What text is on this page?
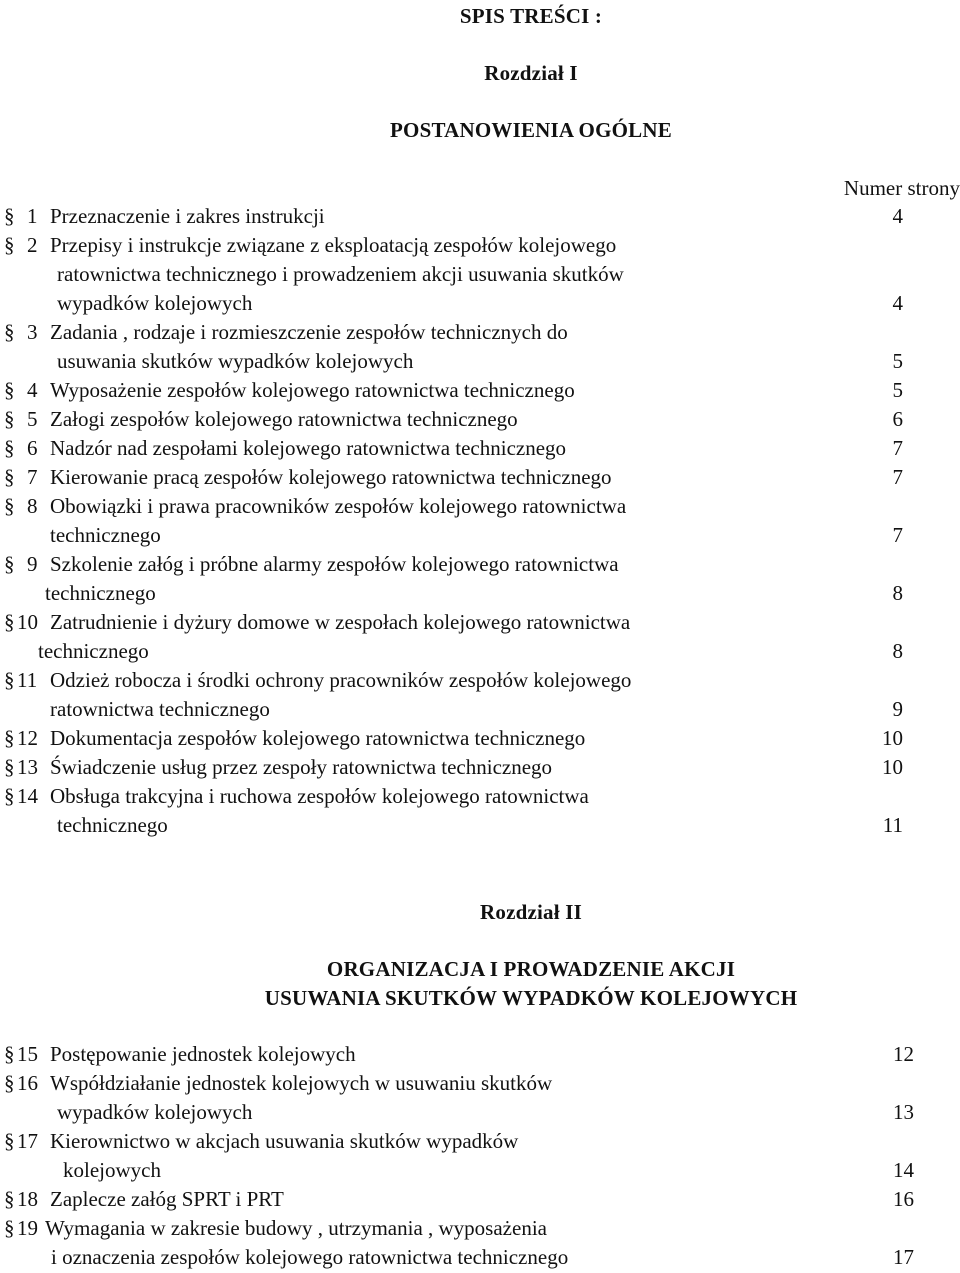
SPIS TREŚCI :
Rozdział I
POSTANOWIENIA OGÓLNE
Numer strony
§ 1 Przeznaczenie i zakres instrukcji	4
§ 2 Przepisy i instrukcje związane z eksploatacją zespołów kolejowego
ratownictwa technicznego i prowadzeniem akcji usuwania skutków
wypadków kolejowych	4
§ 3 Zadania , rodzaje i rozmieszczenie zespołów technicznych do
usuwania skutków wypadków kolejowych	5
§ 4 Wyposażenie zespołów kolejowego ratownictwa technicznego	5
§ 5 Załogi zespołów kolejowego ratownictwa technicznego	6
§ 6 Nadzór nad zespołami kolejowego ratownictwa technicznego	7
§ 7 Kierowanie pracą zespołów kolejowego ratownictwa technicznego	7
§ 8 Obowiązki i prawa pracowników zespołów kolejowego ratownictwa
technicznego	7
§ 9 Szkolenie załóg i próbne alarmy zespołów kolejowego ratownictwa
technicznego	8
§ 10 Zatrudnienie i dyżury domowe w zespołach kolejowego ratownictwa
technicznego	8
§ 11 Odzież robocza i środki ochrony pracowników zespołów kolejowego
ratownictwa technicznego	9
§ 12 Dokumentacja zespołów kolejowego ratownictwa technicznego	10
§ 13 Świadczenie usług przez zespoły ratownictwa technicznego	10
§ 14 Obsługa trakcyjna i ruchowa zespołów kolejowego ratownictwa
technicznego	11
Rozdział II
ORGANIZACJA I PROWADZENIE AKCJI
USUWANIA SKUTKÓW WYPADKÓW KOLEJOWYCH
§ 15 Postępowanie jednostek kolejowych	12
§ 16 Współdziałanie jednostek kolejowych w usuwaniu skutków
wypadków kolejowych	13
§ 17 Kierownictwo w akcjach usuwania skutków wypadków
kolejowych	14
§ 18 Zaplecze załóg SPRT i PRT	16
§ 19 Wymagania w zakresie budowy , utrzymania , wyposażenia
i oznaczenia zespołów kolejowego ratownictwa technicznego	17
